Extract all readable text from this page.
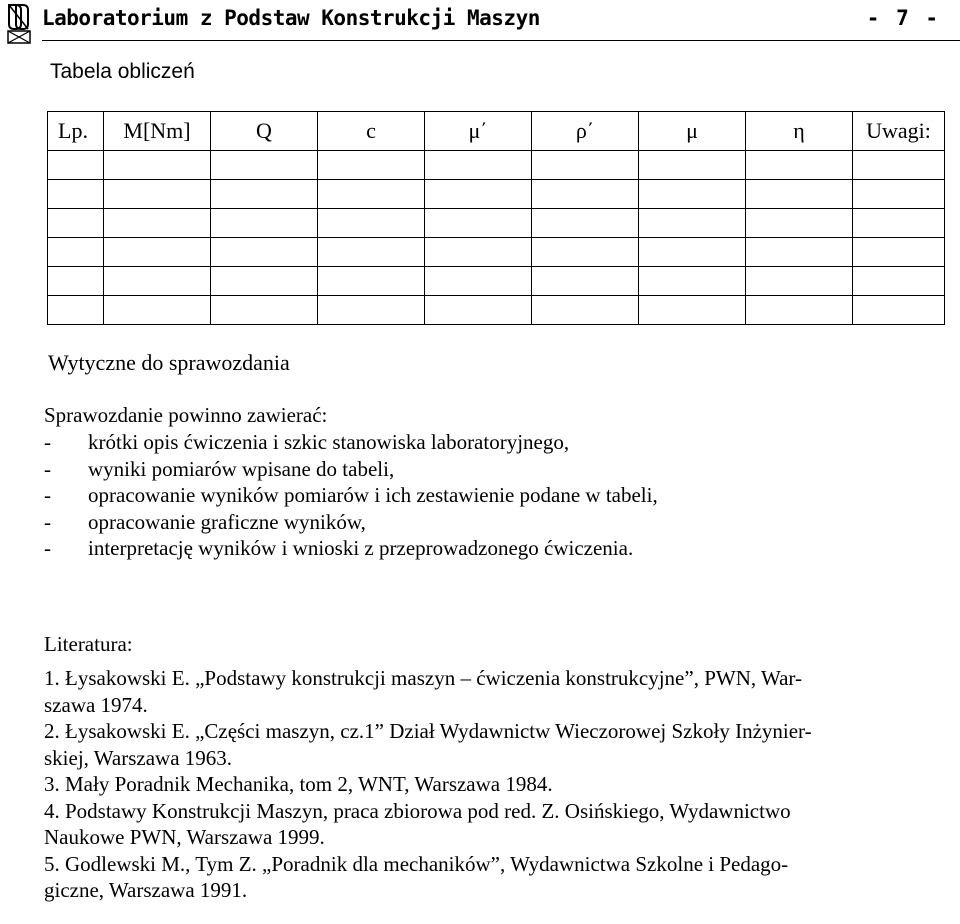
Laboratorium z Podstaw Konstrukcji Maszyn	- 7 -
Tabela obliczeń
Lp.	M[Nm]	Q	c	μ΄	ρ΄	μ	η	Uwagi:

Wytyczne do sprawozdania
Sprawozdanie powinno zawierać:
-	krótki opis ćwiczenia i szkic stanowiska laboratoryjnego,
-	wyniki pomiarów wpisane do tabeli,
-	opracowanie wyników pomiarów i ich zestawienie podane w tabeli,
-	opracowanie graficzne wyników,
-	interpretację wyników i wnioski z przeprowadzonego ćwiczenia.
Literatura:
1. Łysakowski E. „Podstawy konstrukcji maszyn – ćwiczenia konstrukcyjne”, PWN, War-
szawa 1974.
2. Łysakowski E. „Części maszyn, cz.1” Dział Wydawnictw Wieczorowej Szkoły Inżynier-
skiej, Warszawa 1963.
3. Mały Poradnik Mechanika, tom 2, WNT, Warszawa 1984.
4. Podstawy Konstrukcji Maszyn, praca zbiorowa pod red. Z. Osińskiego, Wydawnictwo
Naukowe PWN, Warszawa 1999.
5. Godlewski M., Tym Z. „Poradnik dla mechaników”, Wydawnictwa Szkolne i Pedago-
giczne, Warszawa 1991.
